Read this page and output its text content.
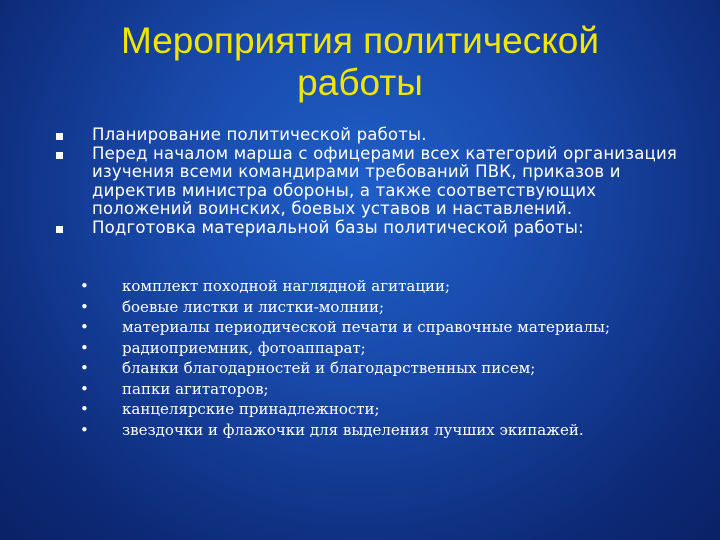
Мероприятия политической работы
Планирование политической работы.
Перед началом марша с офицерами всех категорий организация изучения всеми командирами требований ПВК, приказов и директив министра обороны, а также соответствующих положений воинских, боевых уставов и наставлений.
Подготовка материальной базы политической работы:
• комплект походной наглядной агитации;
• боевые листки и листки-молнии;
• материалы периодической печати и справочные материалы;
• радиоприемник, фотоаппарат;
• бланки благодарностей и благодарственных писем;
• папки агитаторов;
• канцелярские принадлежности;
• звездочки и флажочки для выделения лучших экипажей.
